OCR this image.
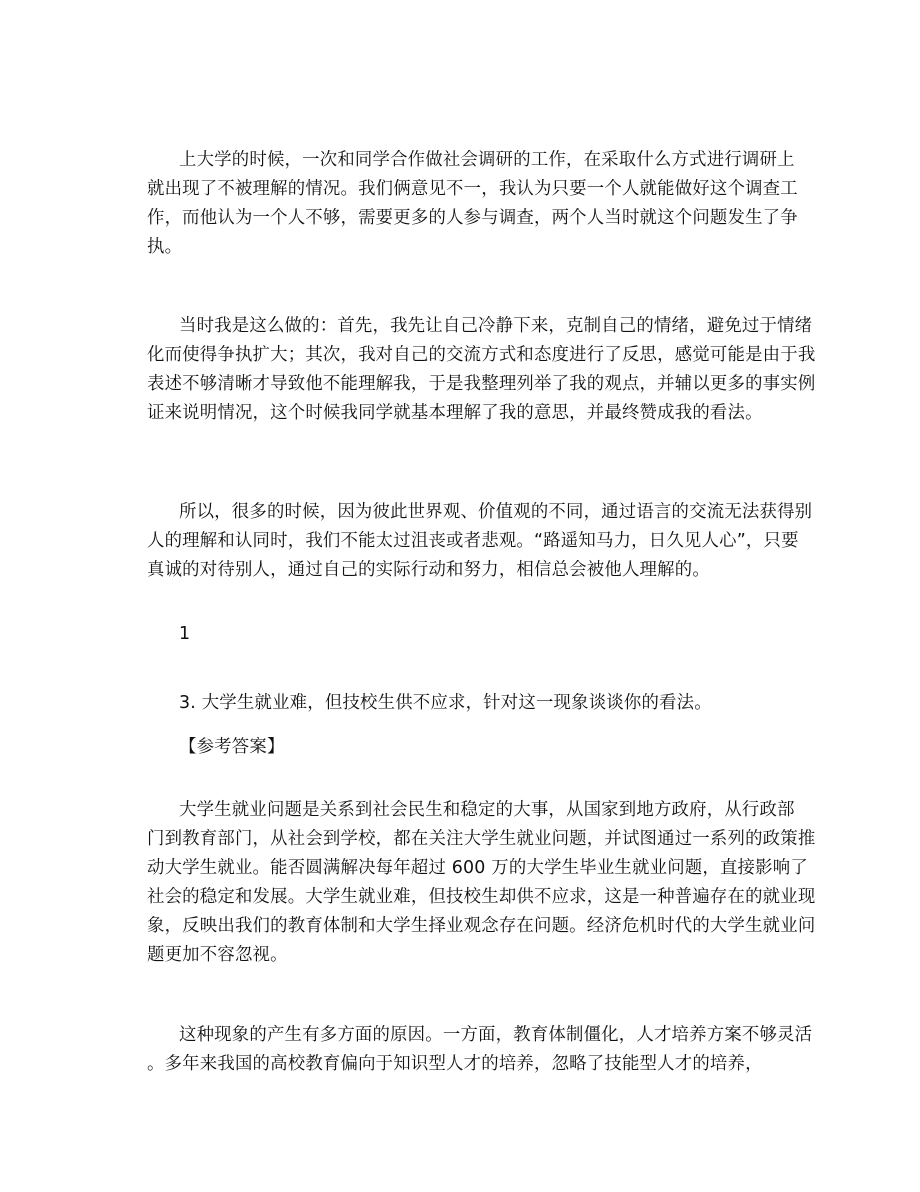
上大学的时候，一次和同学合作做社会调研的工作，在采取什么方式进行调研上
就出现了不被理解的情况。我们俩意见不一，我认为只要一个人就能做好这个调查工
作，而他认为一个人不够，需要更多的人参与调查，两个人当时就这个问题发生了争
执。
当时我是这么做的：首先，我先让自己冷静下来，克制自己的情绪，避免过于情绪
化而使得争执扩大；其次，我对自己的交流方式和态度进行了反思，感觉可能是由于我
表述不够清晰才导致他不能理解我，于是我整理列举了我的观点，并辅以更多的事实例
证来说明情况，这个时候我同学就基本理解了我的意思，并最终赞成我的看法。
所以，很多的时候，因为彼此世界观、价值观的不同，通过语言的交流无法获得别
人的理解和认同时，我们不能太过沮丧或者悲观。“路遥知马力，日久见人心”，只要
真诚的对待别人，通过自己的实际行动和努力，相信总会被他人理解的。
1
3. 大学生就业难，但技校生供不应求，针对这一现象谈谈你的看法。
【参考答案】
大学生就业问题是关系到社会民生和稳定的大事，从国家到地方政府，从行政部
门到教育部门，从社会到学校，都在关注大学生就业问题，并试图通过一系列的政策推
动大学生就业。能否圆满解决每年超过 600 万的大学生毕业生就业问题，直接影响了
社会的稳定和发展。大学生就业难，但技校生却供不应求，这是一种普遍存在的就业现
象，反映出我们的教育体制和大学生择业观念存在问题。经济危机时代的大学生就业问
题更加不容忽视。
这种现象的产生有多方面的原因。一方面，教育体制僵化，人才培养方案不够灵活
。多年来我国的高校教育偏向于知识型人才的培养，忽略了技能型人才的培养，
